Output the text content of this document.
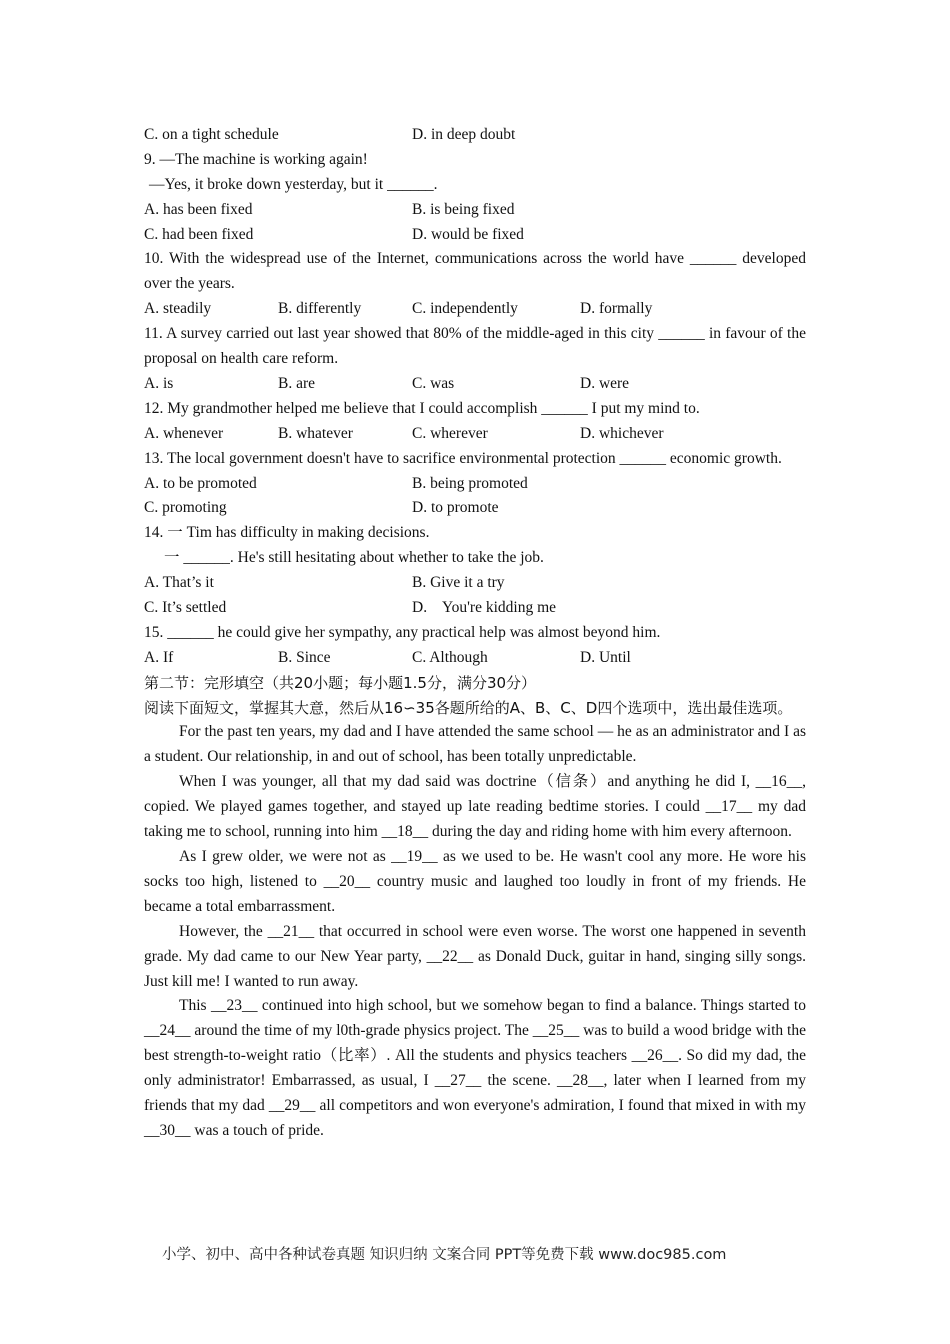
C. on a tight schedule	D. in deep doubt
9. —The machine is working again!
—Yes, it broke down yesterday, but it ______.
A. has been fixed	B. is being fixed
C. had been fixed	D. would be fixed
10. With the widespread use of the Internet, communications across the world have ______ developed over the years.
A. steadily	B. differently	C. independently	D. formally
11. A survey carried out last year showed that 80% of the middle-aged in this city ______ in favour of the proposal on health care reform.
A. is	B. are	C. was	D. were
12. My grandmother helped me believe that I could accomplish ______ I put my mind to.
A. whenever	B. whatever	C. wherever	D. whichever
13. The local government doesn't have to sacrifice environmental protection ______ economic growth.
A. to be promoted	B. being promoted
C. promoting	D. to promote
14. 一 Tim has difficulty in making decisions.
一 ______. He's still hesitating about whether to take the job.
A. That’s it	B. Give it a try
C. It’s settled	D.    You're kidding me
15. ______ he could give her sympathy, any practical help was almost beyond him.
A. If	B. Since	C. Although	D. Until
第二节：完形填空（共20小题；每小题1.5分，满分30分）
阅读下面短文，掌握其大意，然后从16∽35各题所给的A、B、C、D四个选项中，选出最佳选项。
For the past ten years, my dad and I have attended the same school — he as an administrator and I as a student. Our relationship, in and out of school, has been totally unpredictable.
When I was younger, all that my dad said was doctrine（信条）and anything he did I, __16__, copied. We played games together, and stayed up late reading bedtime stories. I could __17__ my dad taking me to school, running into him __18__ during the day and riding home with him every afternoon.
As I grew older, we were not as __19__ as we used to be. He wasn't cool any more. He wore his socks too high, listened to __20__ country music and laughed too loudly in front of my friends. He became a total embarrassment.
However, the __21__ that occurred in school were even worse. The worst one happened in seventh grade. My dad came to our New Year party, __22__ as Donald Duck, guitar in hand, singing silly songs. Just kill me! I wanted to run away.
This __23__ continued into high school, but we somehow began to find a balance. Things started to __24__ around the time of my l0th-grade physics project. The __25__ was to build a wood bridge with the best strength-to-weight ratio（比率）. All the students and physics teachers __26__. So did my dad, the only administrator! Embarrassed, as usual, I __27__ the scene. __28__, later when I learned from my friends that my dad __29__ all competitors and won everyone's admiration, I found that mixed in with my __30__ was a touch of pride.
小学、初中、高中各种试卷真题 知识归纳 文案合同 PPT等免费下载 www.doc985.com
